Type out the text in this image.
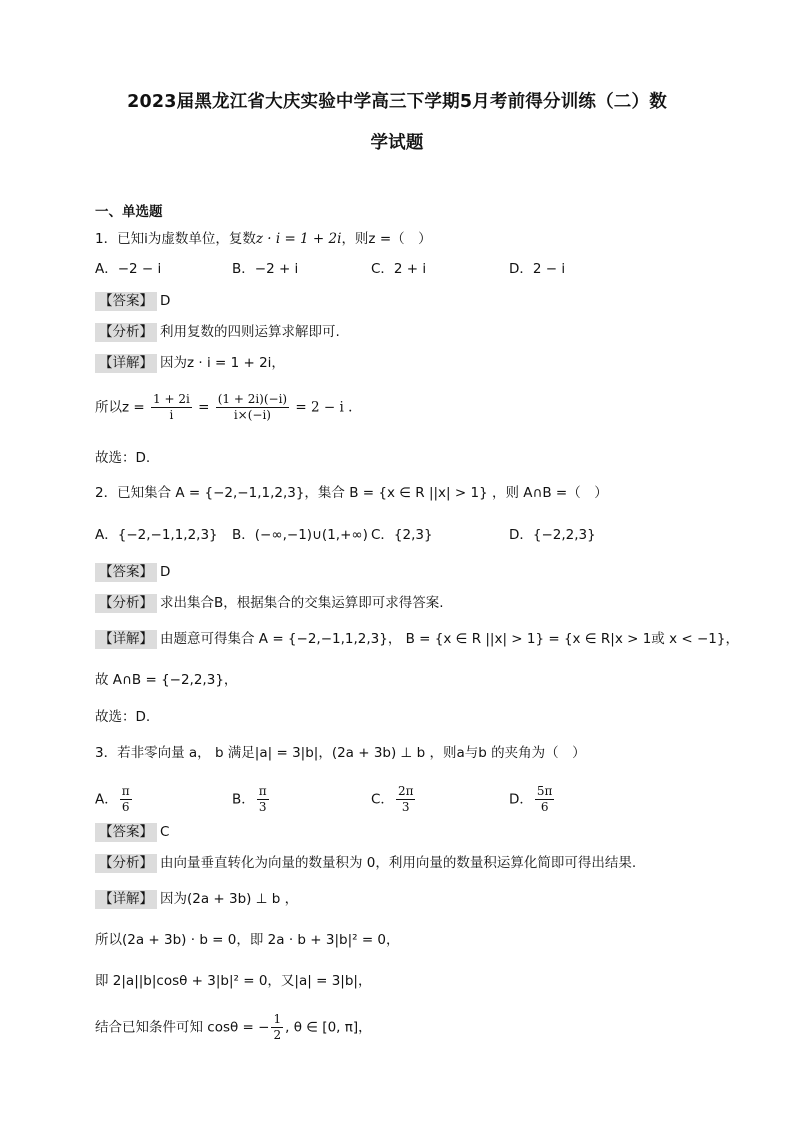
2023届黑龙江省大庆实验中学高三下学期5月考前得分训练（二）数
学试题
一、单选题
1．已知i为虚数单位，复数z · i = 1 + 2i，则z =（　）
A．−2 − i	B．−2 + i	C．2 + i	D．2 − i
【答案】 D
【分析】 利用复数的四则运算求解即可.
【详解】 因为z · i = 1 + 2i，
所以$z = \frac{1 + 2i}{i} = \frac{(1 + 2i)(-i)}{i\times(-i)} = 2 - i$ .
故选：D.
2．已知集合 A = {−2,−1,1,2,3}，集合 B = {x ∈ R ||x| > 1} ，则 A∩B =（　）
A．{−2,−1,1,2,3} B．(−∞,−1)∪(1,+∞) C．{2,3}	D．{−2,2,3}
【答案】 D
【分析】 求出集合B，根据集合的交集运算即可求得答案.
【详解】 由题意可得集合 A = {−2,−1,1,2,3}， B = {x ∈ R ||x| > 1} = {x ∈ R|x > 1或 x < −1}，
故 A∩B = {−2,2,3}，
故选：D.
3．若非零向量 a， b 满足|a| = 3|b|，(2a + 3b) ⊥ b ，则a与b 的夹角为（　）
A． $\frac{\pi}{6}$	B． $\frac{\pi}{3}$	C． $\frac{2\pi}{3}$	D． $\frac{5\pi}{6}$
【答案】 C
【分析】 由向量垂直转化为向量的数量积为 0，利用向量的数量积运算化简即可得出结果.
【详解】 因为(2a + 3b) ⊥ b ，
所以(2a + 3b) · b = 0，即 2a · b + 3|b|² = 0，
即 2|a||b|cosθ + 3|b|² = 0，又|a| = 3|b|，
结合已知条件可知 cosθ = − $\frac{1}{2}$ , θ ∈ [0, π]，
